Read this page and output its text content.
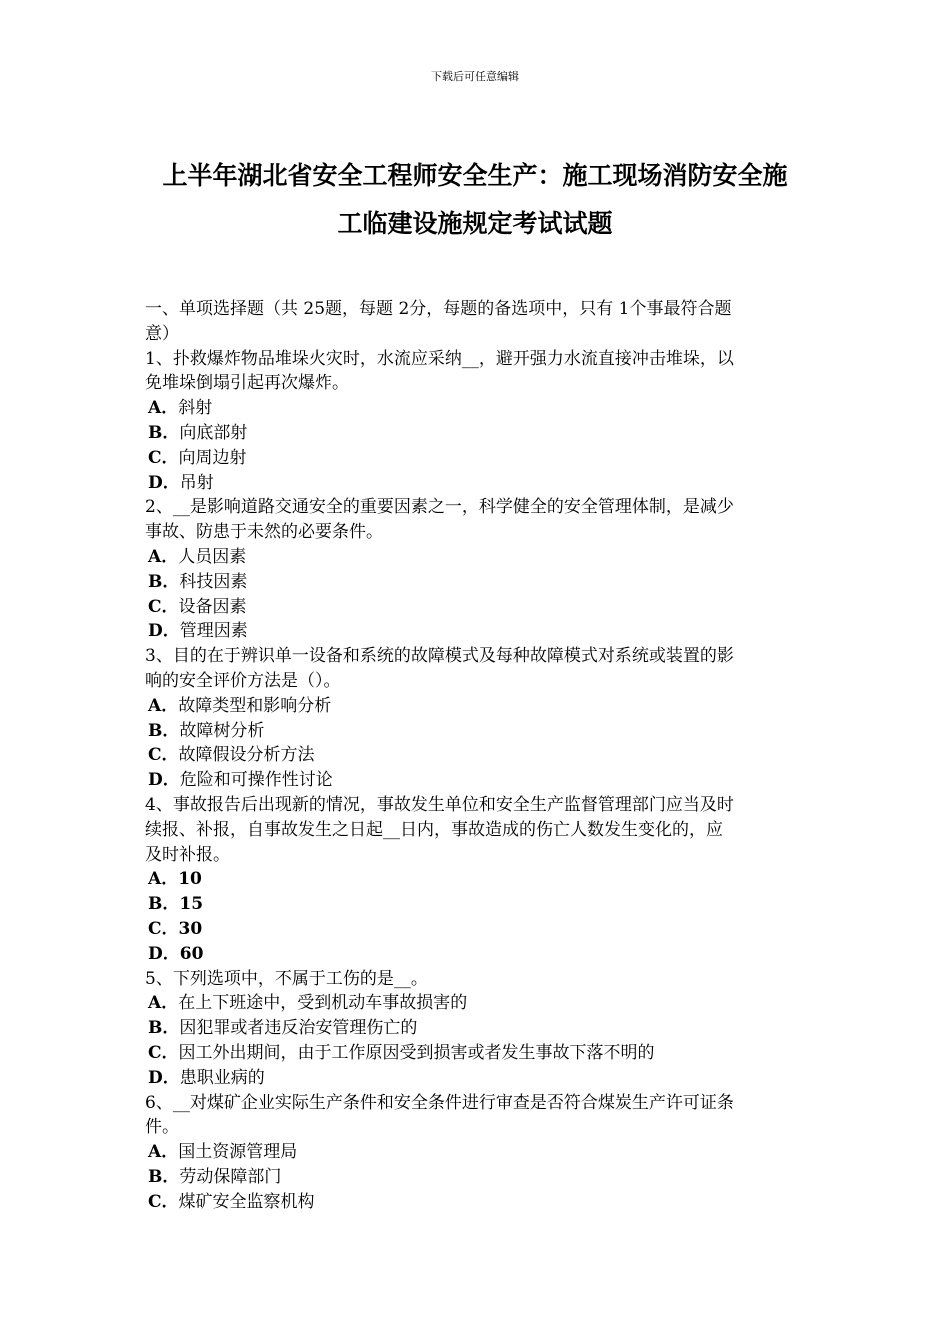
下载后可任意编辑
上半年湖北省安全工程师安全生产：施工现场消防安全施
工临建设施规定考试试题
一、单项选择题（共 25题，每题 2分，每题的备选项中，只有 1个事最符合题
意）
1、扑救爆炸物品堆垛火灾时，水流应采纳__，避开强力水流直接冲击堆垛，以
免堆垛倒塌引起再次爆炸。
A．斜射
B．向底部射
C．向周边射
D．吊射
2、__是影响道路交通安全的重要因素之一，科学健全的安全管理体制，是减少
事故、防患于未然的必要条件。
A．人员因素
B．科技因素
C．设备因素
D．管理因素
3、目的在于辨识单一设备和系统的故障模式及每种故障模式对系统或装置的影
响的安全评价方法是（）。
A．故障类型和影响分析
B．故障树分析
C．故障假设分析方法
D．危险和可操作性讨论
4、事故报告后出现新的情况，事故发生单位和安全生产监督管理部门应当及时
续报、补报，自事故发生之日起__日内，事故造成的伤亡人数发生变化的，应
及时补报。
A．10
B．15
C．30
D．60
5、下列选项中，不属于工伤的是__。
A．在上下班途中，受到机动车事故损害的
B．因犯罪或者违反治安管理伤亡的
C．因工外出期间，由于工作原因受到损害或者发生事故下落不明的
D．患职业病的
6、__对煤矿企业实际生产条件和安全条件进行审查是否符合煤炭生产许可证条
件。
A．国土资源管理局
B．劳动保障部门
C．煤矿安全监察机构
